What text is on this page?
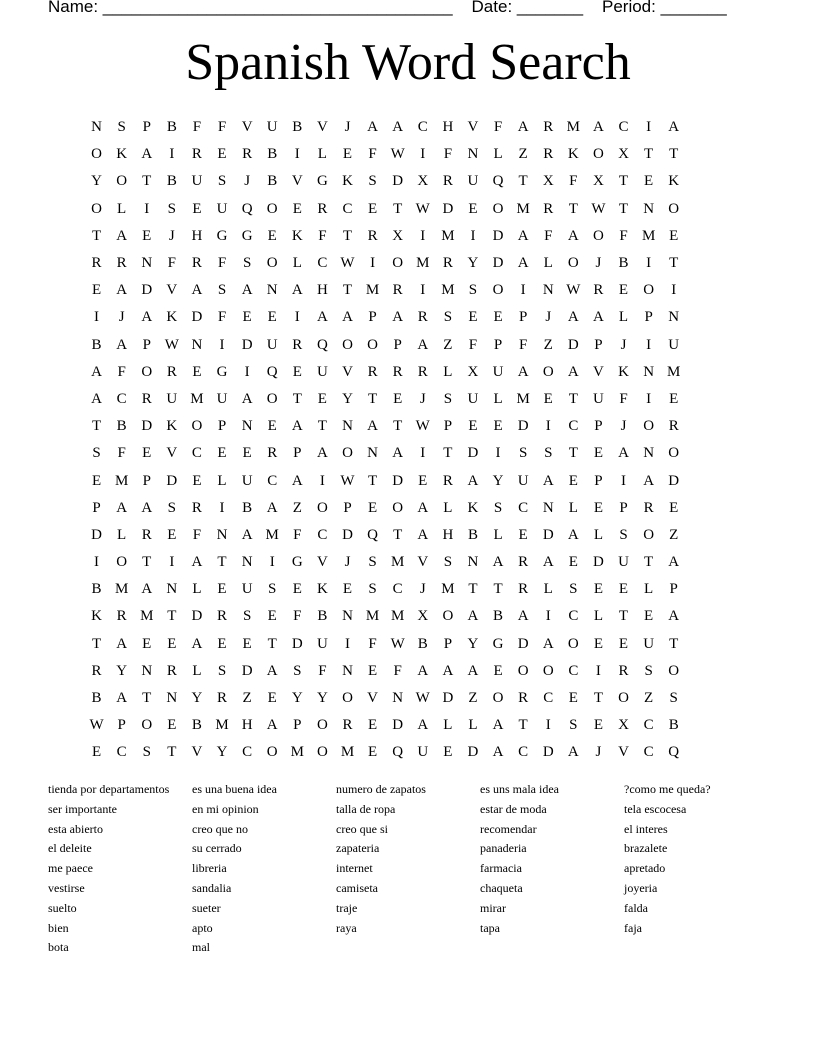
Name: _____________________________________ Date: _______ Period: _______
Spanish Word Search
N	S	P	B	F	F	V U B V	J	A A C H V	F	A R M A C	I	A
O K A	I	R	E	R	B	I	L	E	F W	I	F	N	L	Z	R K O X	T	T
Y O	T	B U	S	J	B V G K	S	D X R U Q	T	X	F	X	T	E	K
O	L	I	S	E	U Q O	E	R	C	E	T W D	E	O M R	T W T	N O
T	A	E	J	H G G	E	K	F	T	R X	I	M	I	D A	F	A O	F M E
R	R N	F	R	F	S	O	L	C W	I	O M R Y D A	L	O	J	B	I	T
E	A D V A	S	A N A H	T M R	I	M S	O	I	N W R	E	O	I
I	J	A K D	F	E	E	I	A A	P	A R	S	E	E	P	J	A A	L	P	N
B A	P W N	I	D U R Q O O	P	A	Z	F	P	F	Z	D	P	J	I	U
A	F	O R	E	G	I	Q	E	U V R	R	R	L	X U A O A V K N M
A C	R U M U A O	T	E	Y	T	E	J	S	U	L M E	T	U	F	I	E
T	B D K O	P	N	E	A	T	N A	T W P	E	E	D	I	C	P	J	O R
S	F	E	V C	E	E	R	P	A O N A	I	T	D	I	S	S	T	E	A N O
E M P	D	E	L	U C A	I	W T	D	E	R A Y U A	E	P	I	A D
P	A A	S	R	I	B A	Z	O	P	E	O A	L	K	S	C N	L	E	P	R	E
D	L	R	E	F	N A M F	C D Q	T	A H B	L	E	D A	L	S	O	Z
I	O	T	I	A	T	N	I	G V	J	S M V	S	N A R A	E	D U	T	A
B M A N	L	E	U	S	E	K	E	S	C	J	M T	T	R	L	S	E	E	L	P
K R M T	D R	S	E	F	B N M M X O A B A	I	C	L	T	E	A
T	A	E	E	A	E	E	T	D U	I	F W B	P	Y G D A O	E	E	U	T
R Y N R	L	S	D A	S	F	N	E	F	A A A	E	O O C	I	R	S	O
B A	T	N Y R	Z	E	Y Y O V N W D	Z	O R	C	E	T	O	Z	S
W P	O	E	B M H A	P	O R	E	D A	L	L	A	T	I	S	E	X C	B
E	C	S	T	V Y C O M O M E	Q U	E	D A C D A	J	V C Q
tienda por departamentos
ser importante
esta abierto
el deleite
me paece
vestirse
suelto
bien
bota
es una buena idea
en mi opinion
creo que no
su cerrado
libreria
sandalia
sueter
apto
mal
numero de zapatos
talla de ropa
creo que si
zapateria
internet
camiseta
traje
raya
es uns mala idea
estar de moda
recomendar
panaderia
farmacia
chaqueta
mirar
tapa
?como me queda?
tela escocesa
el interes
brazalete
apretado
joyeria
falda
faja
